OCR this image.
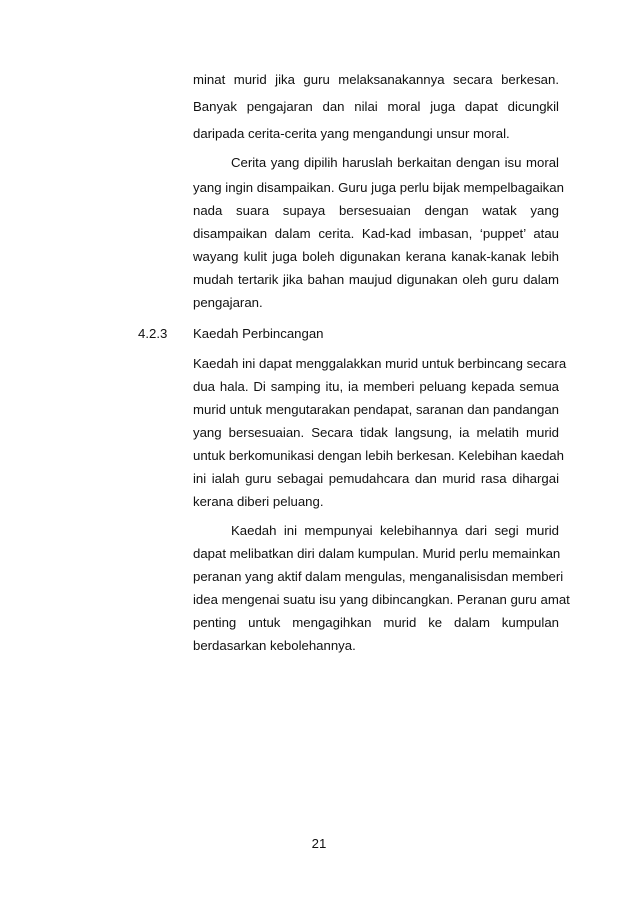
minat murid jika guru melaksanakannya secara berkesan.
Banyak pengajaran dan nilai moral juga dapat dicungkil
daripada cerita-cerita yang mengandungi unsur moral.
Cerita yang dipilih haruslah berkaitan dengan isu moral
yang ingin disampaikan. Guru juga perlu bijak mempelbagaikan
nada suara supaya bersesuaian dengan watak yang
disampaikan dalam cerita. Kad-kad imbasan, ‘puppet’ atau
wayang kulit juga boleh digunakan kerana kanak-kanak lebih
mudah tertarik jika bahan maujud digunakan oleh guru dalam
pengajaran.
4.2.3 Kaedah Perbincangan
Kaedah ini dapat menggalakkan murid untuk berbincang secara
dua hala. Di samping itu, ia memberi peluang kepada semua
murid untuk mengutarakan pendapat, saranan dan pandangan
yang bersesuaian. Secara tidak langsung, ia melatih murid
untuk berkomunikasi dengan lebih berkesan. Kelebihan kaedah
ini ialah guru sebagai pemudahcara dan murid rasa dihargai
kerana diberi peluang.
Kaedah ini mempunyai kelebihannya dari segi murid
dapat melibatkan diri dalam kumpulan. Murid perlu memainkan
peranan yang aktif dalam mengulas, menganalisisdan memberi
idea mengenai suatu isu yang dibincangkan. Peranan guru amat
penting untuk mengagihkan murid ke dalam kumpulan
berdasarkan kebolehannya.
21
